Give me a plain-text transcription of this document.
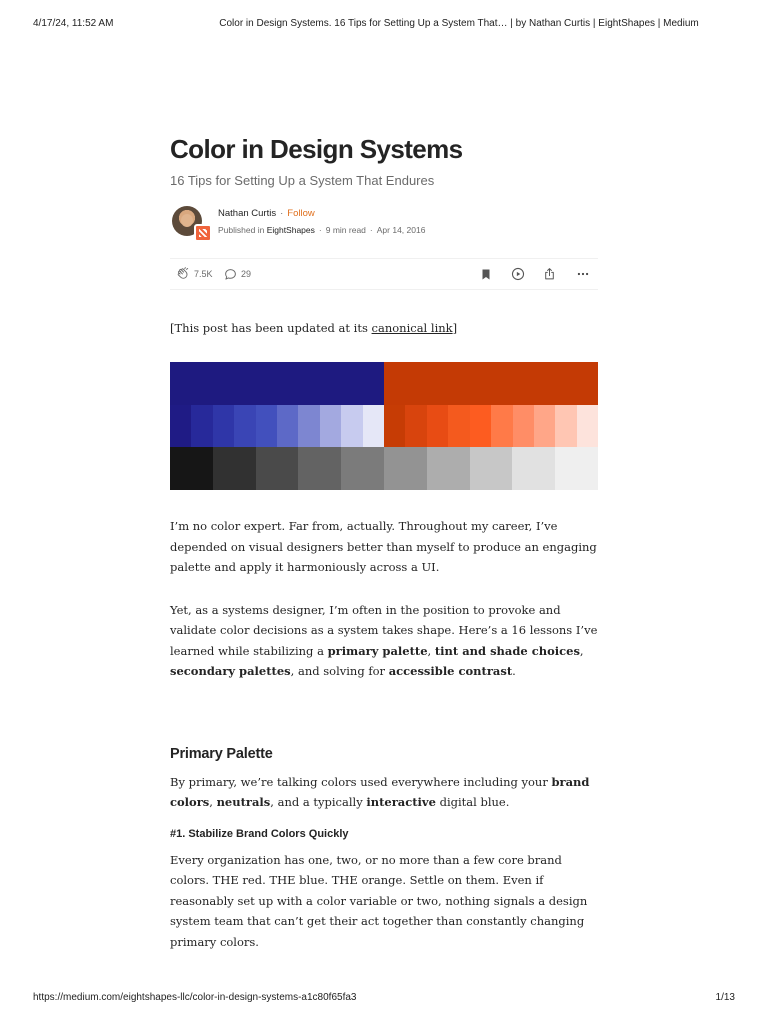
4/17/24, 11:52 AM	Color in Design Systems. 16 Tips for Setting Up a System That… | by Nathan Curtis | EightShapes | Medium
Color in Design Systems
16 Tips for Setting Up a System That Endures
Nathan Curtis · Follow
Published in EightShapes · 9 min read · Apr 14, 2016
7.5K	29
[This post has been updated at its canonical link]

I’m no color expert. Far from, actually. Throughout my career, I’ve depended on visual designers better than myself to produce an engaging palette and apply it harmoniously across a UI.

Yet, as a systems designer, I’m often in the position to provoke and validate color decisions as a system takes shape. Here’s a 16 lessons I’ve learned while stabilizing a primary palette, tint and shade choices, secondary palettes, and solving for accessible contrast.

Primary Palette

By primary, we’re talking colors used everywhere including your brand colors, neutrals, and a typically interactive digital blue.

#1. Stabilize Brand Colors Quickly

Every organization has one, two, or no more than a few core brand colors. THE red. THE blue. THE orange. Settle on them. Even if reasonably set up with a color variable or two, nothing signals a design system team that can’t get their act together than constantly changing primary colors.

https://medium.com/eightshapes-llc/color-in-design-systems-a1c80f65fa3	1/13
